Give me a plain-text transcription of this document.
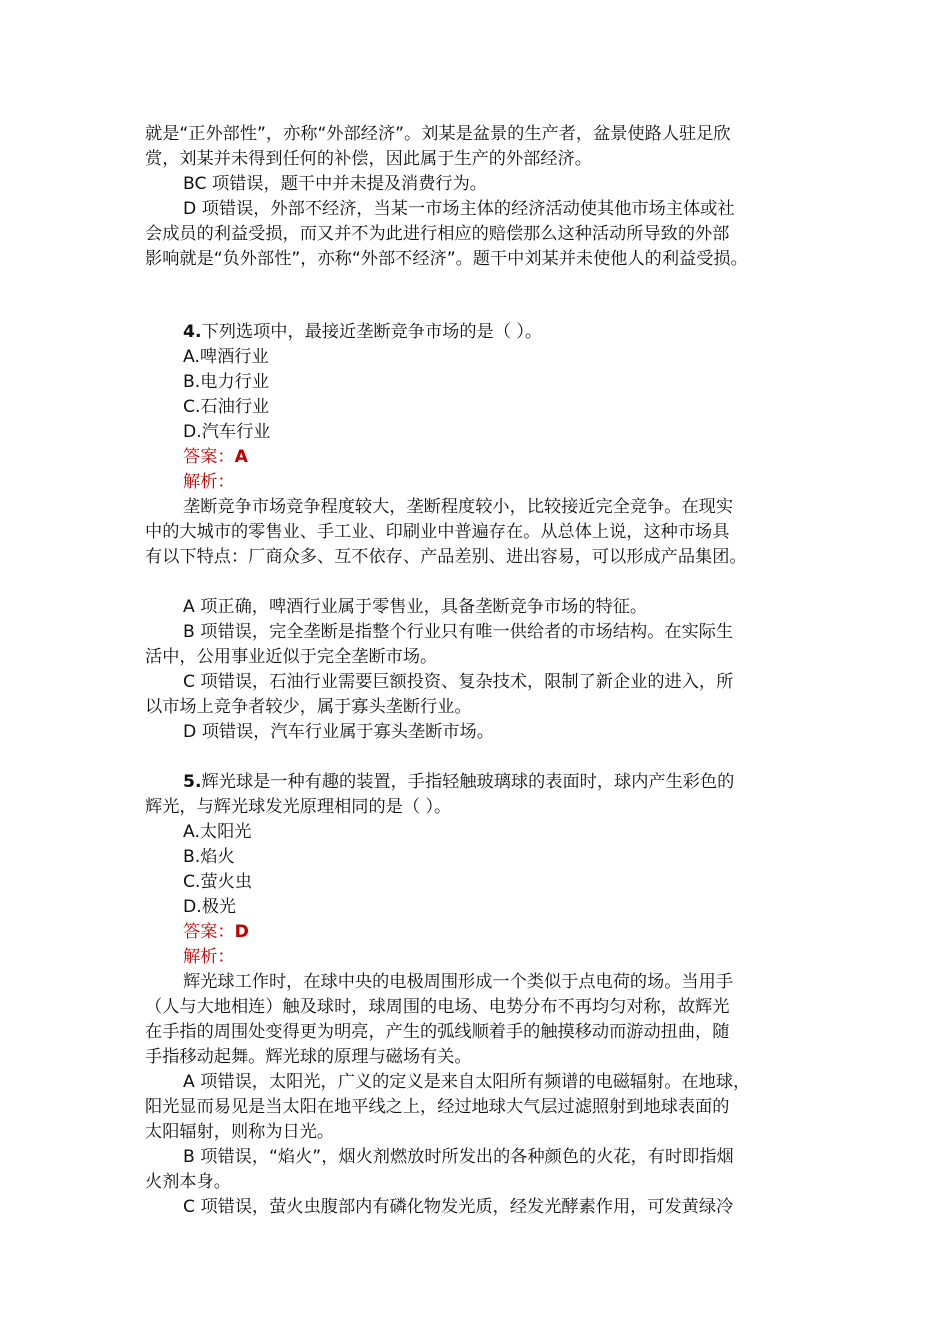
就是“正外部性”，亦称“外部经济”。刘某是盆景的生产者，盆景使路人驻足欣
赏，刘某并未得到任何的补偿，因此属于生产的外部经济。
BC 项错误，题干中并未提及消费行为。
D 项错误，外部不经济，当某一市场主体的经济活动使其他市场主体或社
会成员的利益受损，而又并不为此进行相应的赔偿那么这种活动所导致的外部
影响就是“负外部性”，亦称“外部不经济”。题干中刘某并未使他人的利益受损。
4.下列选项中，最接近垄断竞争市场的是（ ）。
A.啤酒行业
B.电力行业
C.石油行业
D.汽车行业
答案：A
解析：
垄断竞争市场竞争程度较大，垄断程度较小，比较接近完全竞争。在现实
中的大城市的零售业、手工业、印刷业中普遍存在。从总体上说，这种市场具
有以下特点：厂商众多、互不依存、产品差别、进出容易，可以形成产品集团。
A 项正确，啤酒行业属于零售业，具备垄断竞争市场的特征。
B 项错误，完全垄断是指整个行业只有唯一供给者的市场结构。在实际生
活中，公用事业近似于完全垄断市场。
C 项错误，石油行业需要巨额投资、复杂技术，限制了新企业的进入，所
以市场上竞争者较少，属于寡头垄断行业。
D 项错误，汽车行业属于寡头垄断市场。
5.辉光球是一种有趣的装置，手指轻触玻璃球的表面时，球内产生彩色的
辉光，与辉光球发光原理相同的是（ ）。
A.太阳光
B.焰火
C.萤火虫
D.极光
答案：D
解析：
辉光球工作时，在球中央的电极周围形成一个类似于点电荷的场。当用手
（人与大地相连）触及球时，球周围的电场、电势分布不再均匀对称，故辉光
在手指的周围处变得更为明亮，产生的弧线顺着手的触摸移动而游动扭曲，随
手指移动起舞。辉光球的原理与磁场有关。
A 项错误，太阳光，广义的定义是来自太阳所有频谱的电磁辐射。在地球，
阳光显而易见是当太阳在地平线之上，经过地球大气层过滤照射到地球表面的
太阳辐射，则称为日光。
B 项错误，“焰火”，烟火剂燃放时所发出的各种颜色的火花，有时即指烟
火剂本身。
C 项错误，萤火虫腹部内有磷化物发光质，经发光酵素作用，可发黄绿冷
